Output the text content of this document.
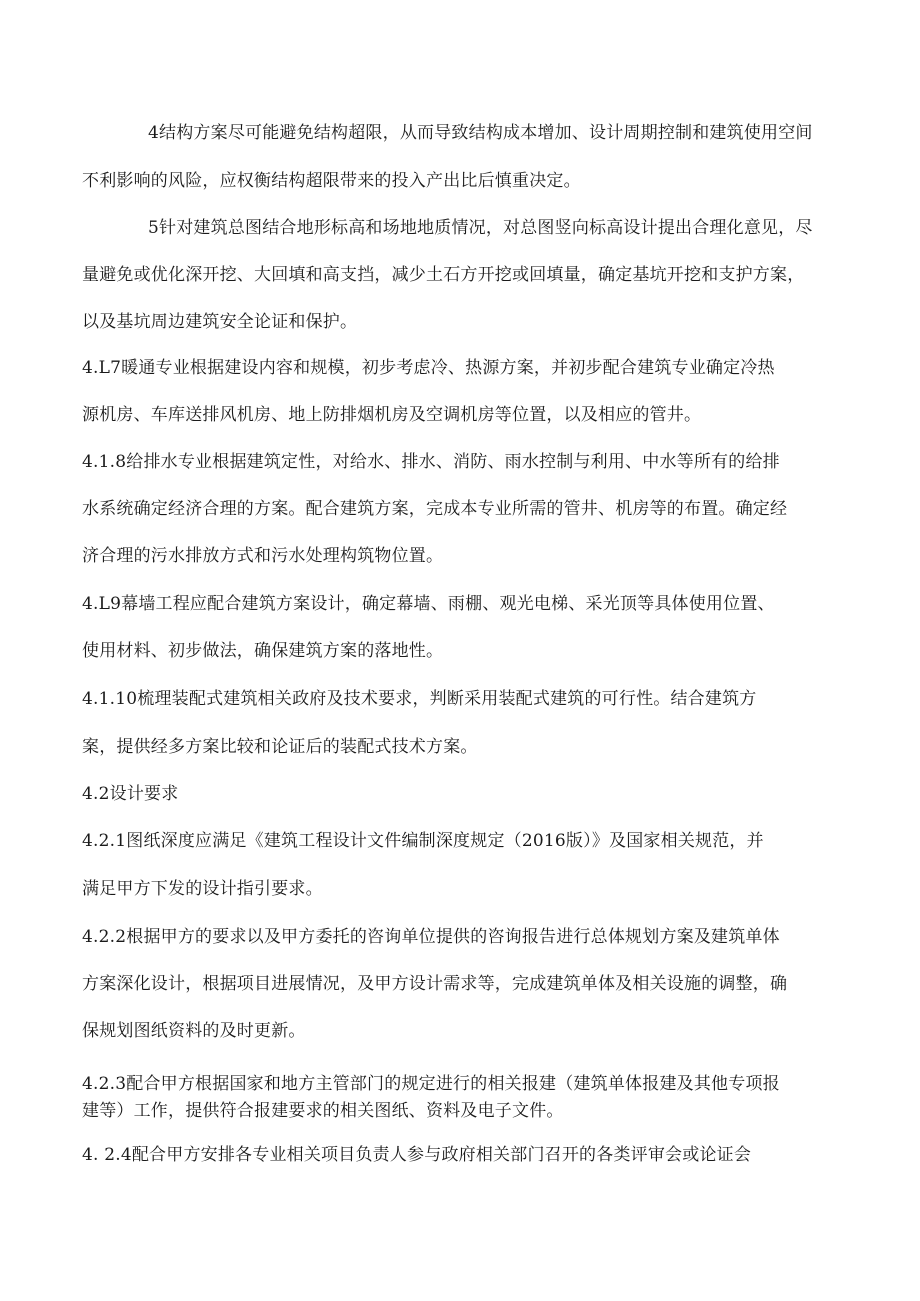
4结构方案尽可能避免结构超限，从而导致结构成本增加、设计周期控制和建筑使用空间
不利影响的风险，应权衡结构超限带来的投入产出比后慎重决定。
5针对建筑总图结合地形标高和场地地质情况，对总图竖向标高设计提出合理化意见，尽
量避免或优化深开挖、大回填和高支挡，减少土石方开挖或回填量，确定基坑开挖和支护方案，
以及基坑周边建筑安全论证和保护。
4.L7暖通专业根据建设内容和规模，初步考虑冷、热源方案，并初步配合建筑专业确定冷热
源机房、车库送排风机房、地上防排烟机房及空调机房等位置，以及相应的管井。
4.1.8给排水专业根据建筑定性，对给水、排水、消防、雨水控制与利用、中水等所有的给排
水系统确定经济合理的方案。配合建筑方案，完成本专业所需的管井、机房等的布置。确定经
济合理的污水排放方式和污水处理构筑物位置。
4.L9幕墙工程应配合建筑方案设计，确定幕墙、雨棚、观光电梯、采光顶等具体使用位置、
使用材料、初步做法，确保建筑方案的落地性。
4.1.10梳理装配式建筑相关政府及技术要求，判断采用装配式建筑的可行性。结合建筑方
案，提供经多方案比较和论证后的装配式技术方案。
4.2设计要求
4.2.1图纸深度应满足《建筑工程设计文件编制深度规定（2016版）》及国家相关规范，并
满足甲方下发的设计指引要求。
4.2.2根据甲方的要求以及甲方委托的咨询单位提供的咨询报告进行总体规划方案及建筑单体
方案深化设计，根据项目进展情况，及甲方设计需求等，完成建筑单体及相关设施的调整，确
保规划图纸资料的及时更新。
4.2.3配合甲方根据国家和地方主管部门的规定进行的相关报建（建筑单体报建及其他专项报
建等）工作，提供符合报建要求的相关图纸、资料及电子文件。
4. 2.4配合甲方安排各专业相关项目负责人参与政府相关部门召开的各类评审会或论证会
